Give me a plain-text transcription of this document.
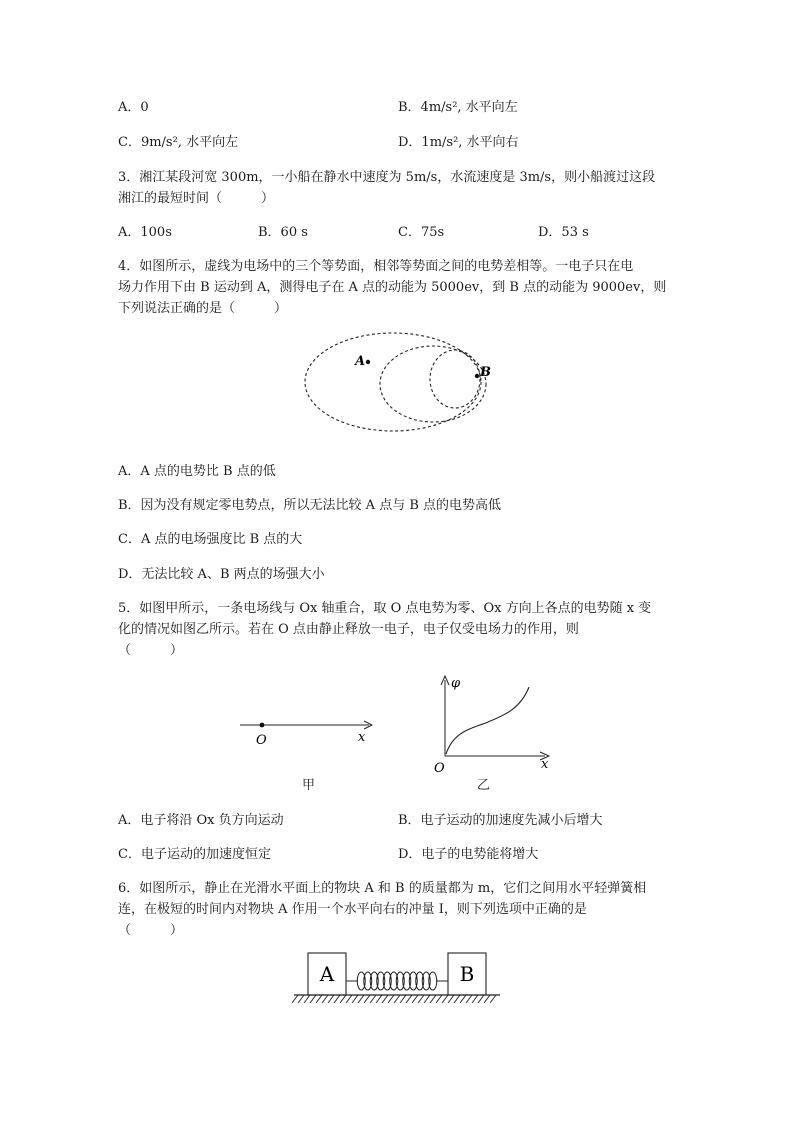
A．0	B．4m/s², 水平向左
C．9m/s², 水平向左	D．1m/s², 水平向右
3．湘江某段河宽 300m，一小船在静水中速度为 5m/s，水流速度是 3m/s，则小船渡过这段
湘江的最短时间（　　　）
A．100s	B．60 s	C．75s	D．53 s
4．如图所示，虚线为电场中的三个等势面，相邻等势面之间的电势差相等。一电子只在电
场力作用下由 B 运动到 A，测得电子在 A 点的动能为 5000ev，到 B 点的动能为 9000ev，则
下列说法正确的是（　　　）
A
B
A．A 点的电势比 B 点的低
B．因为没有规定零电势点，所以无法比较 A 点与 B 点的电势高低
C．A 点的电场强度比 B 点的大
D．无法比较 A、B 两点的场强大小
5．如图甲所示，一条电场线与 Ox 轴重合，取 O 点电势为零、Ox 方向上各点的电势随 x 变
化的情况如图乙所示。若在 O 点由静止释放一电子，电子仅受电场力的作用，则
（　　　）
O	x
甲
φ
O	x
乙
A．电子将沿 Ox 负方向运动	B．电子运动的加速度先减小后增大
C．电子运动的加速度恒定	D．电子的电势能将增大
6．如图所示，静止在光滑水平面上的物块 A 和 B 的质量都为 m，它们之间用水平轻弹簧相
连，在极短的时间内对物块 A 作用一个水平向右的冲量 I，则下列选项中正确的是
（　　　）
A	B
